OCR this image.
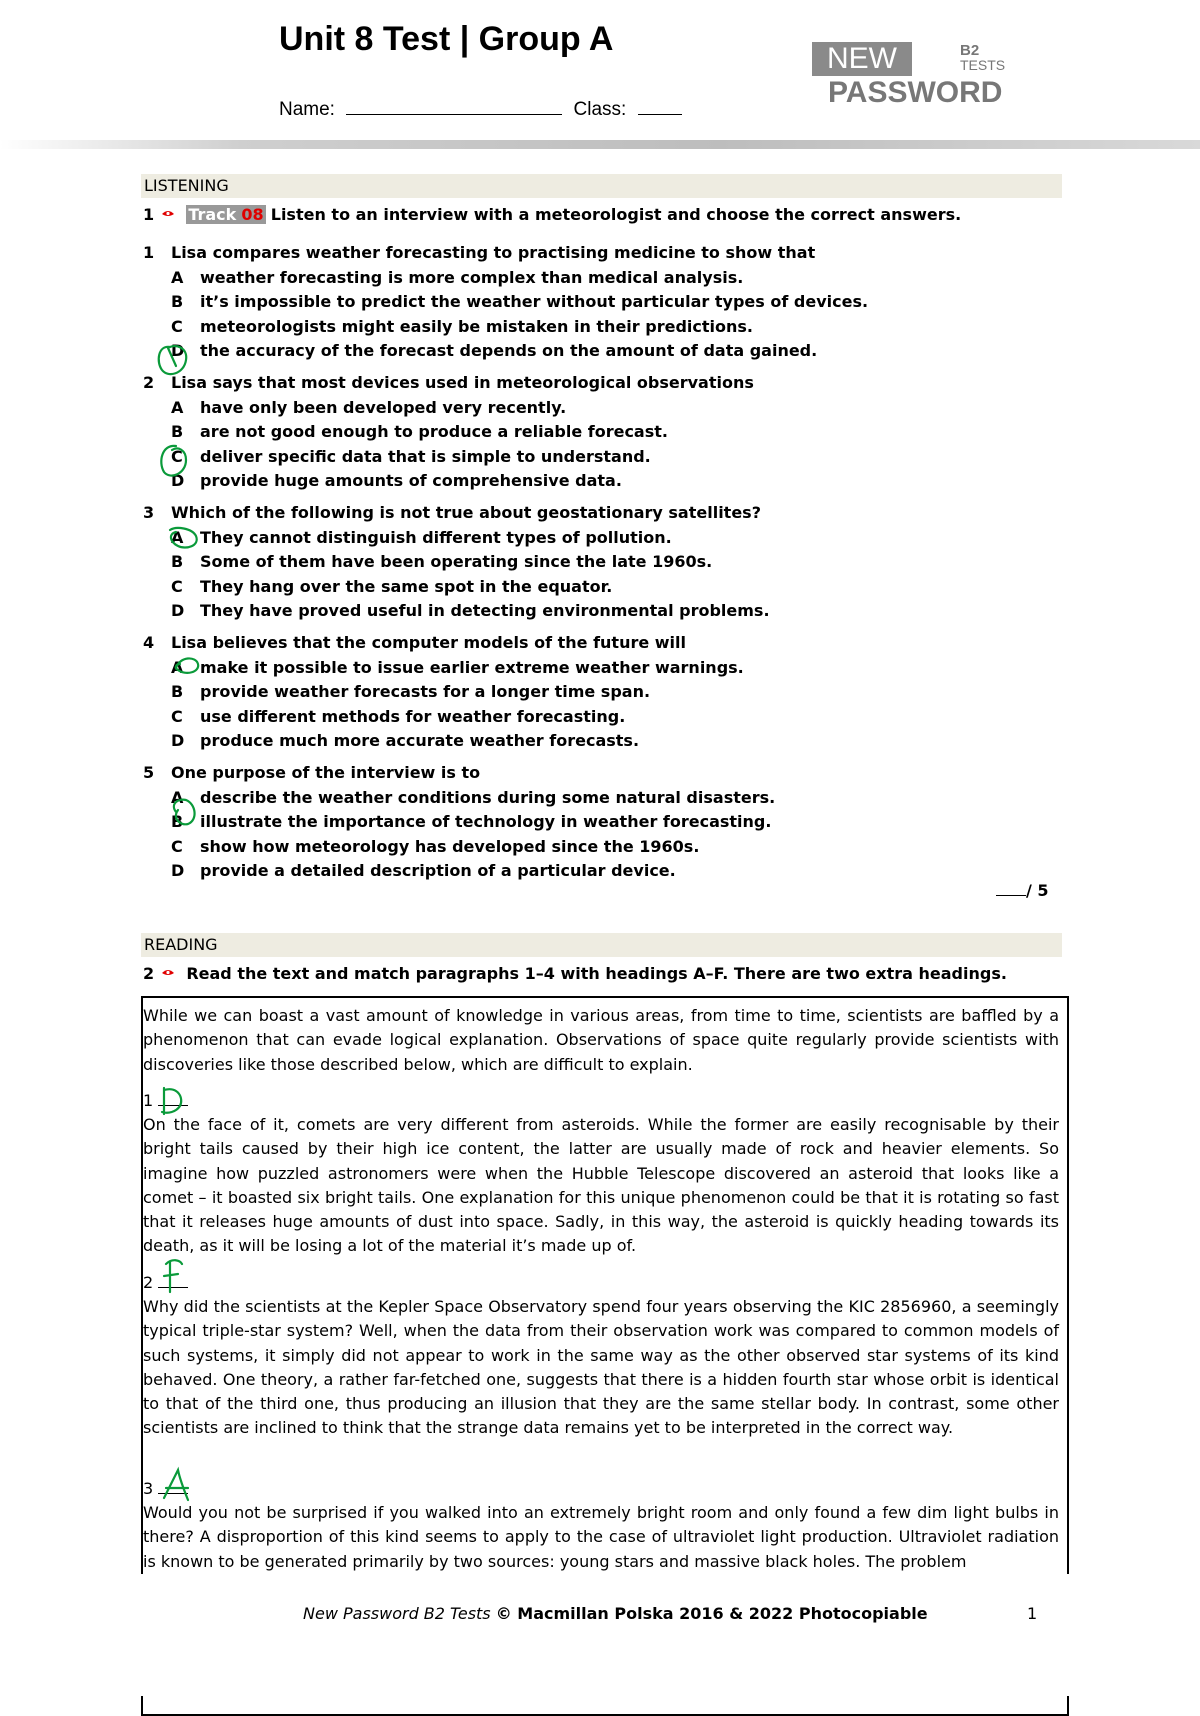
Unit 8 Test | Group A
Name:	Class:
NEW	B2
TESTS
PASSWORD
LISTENING
1 Track 08 Listen to an interview with a meteorologist and choose the correct answers.
1 Lisa compares weather forecasting to practising medicine to show that
A weather forecasting is more complex than medical analysis.
B it’s impossible to predict the weather without particular types of devices.
C meteorologists might easily be mistaken in their predictions.
D the accuracy of the forecast depends on the amount of data gained.
2 Lisa says that most devices used in meteorological observations
A have only been developed very recently.
B are not good enough to produce a reliable forecast.
C deliver specific data that is simple to understand.
D provide huge amounts of comprehensive data.
3 Which of the following is not true about geostationary satellites?
A They cannot distinguish different types of pollution.
B Some of them have been operating since the late 1960s.
C They hang over the same spot in the equator.
D They have proved useful in detecting environmental problems.
4 Lisa believes that the computer models of the future will
A make it possible to issue earlier extreme weather warnings.
B provide weather forecasts for a longer time span.
C use different methods for weather forecasting.
D produce much more accurate weather forecasts.
5 One purpose of the interview is to
A describe the weather conditions during some natural disasters.
B illustrate the importance of technology in weather forecasting.
C show how meteorology has developed since the 1960s.
D provide a detailed description of a particular device.
/ 5
READING
2 Read the text and match paragraphs 1–4 with headings A–F. There are two extra headings.
While we can boast a vast amount of knowledge in various areas, from time to time, scientists are baffled by a phenomenon that can evade logical explanation. Observations of space quite regularly provide scientists with discoveries like those described below, which are difficult to explain.
1
On the face of it, comets are very different from asteroids. While the former are easily recognisable by their bright tails caused by their high ice content, the latter are usually made of rock and heavier elements. So imagine how puzzled astronomers were when the Hubble Telescope discovered an asteroid that looks like a comet – it boasted six bright tails. One explanation for this unique phenomenon could be that it is rotating so fast that it releases huge amounts of dust into space. Sadly, in this way, the asteroid is quickly heading towards its death, as it will be losing a lot of the material it’s made up of.
2
Why did the scientists at the Kepler Space Observatory spend four years observing the KIC 2856960, a seemingly typical triple-star system? Well, when the data from their observation work was compared to common models of such systems, it simply did not appear to work in the same way as the other observed star systems of its kind behaved. One theory, a rather far-fetched one, suggests that there is a hidden fourth star whose orbit is identical to that of the third one, thus producing an illusion that they are the same stellar body. In contrast, some other scientists are inclined to think that the strange data remains yet to be interpreted in the correct way.
3
Would you not be surprised if you walked into an extremely bright room and only found a few dim light bulbs in there? A disproportion of this kind seems to apply to the case of ultraviolet light production. Ultraviolet radiation is known to be generated primarily by two sources: young stars and massive black holes. The problem
New Password B2 Tests © Macmillan Polska 2016 & 2022 Photocopiable	1
